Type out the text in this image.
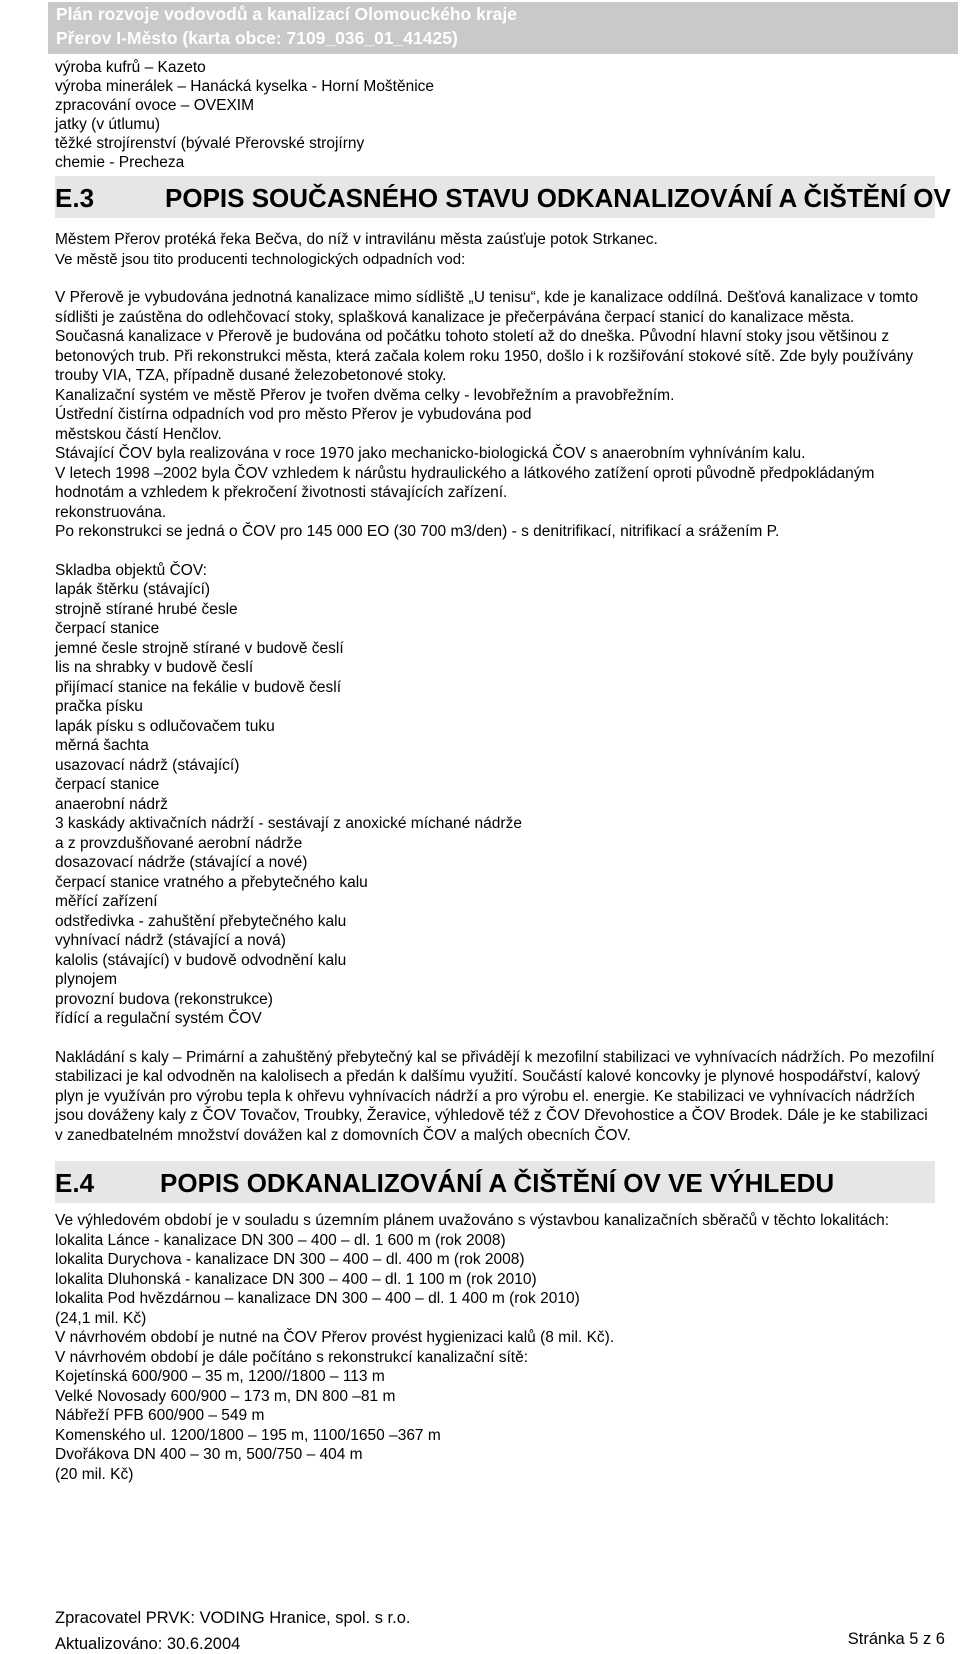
Plán rozvoje vodovodů a kanalizací Olomouckého kraje
Přerov I-Město (karta obce: 7109_036_01_41425)
výroba kufrů – Kazeto
výroba minerálek – Hanácká kyselka - Horní Moštěnice
zpracování ovoce – OVEXIM
jatky (v útlumu)
těžké strojírenství (bývalé Přerovské strojírny
chemie - Precheza
E.3	POPIS SOUČASNÉHO STAVU ODKANALIZOVÁNÍ A ČIŠTĚNÍ OV
Městem Přerov protéká řeka Bečva, do níž v intravilánu města zaúsťuje potok Strkanec.
Ve městě jsou tito producenti technologických odpadních vod:
V Přerově je vybudována jednotná kanalizace mimo sídliště „U tenisu“, kde je kanalizace oddílná. Dešťová kanalizace v tomto sídlišti je zaústěna do odlehčovací stoky, splašková kanalizace je přečerpávána čerpací stanicí do kanalizace města.
Současná kanalizace v Přerově je budována od počátku tohoto století až do dneška. Původní hlavní stoky jsou většinou z betonových trub. Při rekonstrukci města, která začala kolem roku 1950, došlo i k rozšiřování stokové sítě. Zde byly používány trouby VIA, TZA, případně dusané železobetonové stoky.
Kanalizační systém ve městě Přerov je tvořen dvěma celky - levobřežním a pravobřežním.
Ústřední čistírna odpadních vod pro město Přerov je vybudována pod
městskou částí Henčlov.
Stávající ČOV byla realizována v roce 1970 jako mechanicko-biologická ČOV s anaerobním vyhníváním kalu.
V letech 1998 –2002 byla ČOV vzhledem k nárůstu hydraulického a látkového zatížení oproti původně předpokládaným hodnotám a vzhledem k překročení životnosti stávajících zařízení.
rekonstruována.
Po rekonstrukci se jedná o ČOV pro 145 000 EO (30 700 m3/den) - s denitrifikací, nitrifikací a srážením P.
Skladba objektů ČOV:
lapák štěrku (stávající)
strojně stírané hrubé česle
čerpací stanice
jemné česle strojně stírané v budově česlí
lis na shrabky v budově česlí
přijímací stanice na fekálie v budově česlí
pračka písku
lapák písku s odlučovačem tuku
měrná šachta
usazovací nádrž (stávající)
čerpací stanice
anaerobní nádrž
3 kaskády aktivačních nádrží - sestávají z anoxické míchané nádrže
a z provzdušňované aerobní nádrže
dosazovací nádrže (stávající a nové)
čerpací stanice vratného a přebytečného kalu
měřící zařízení
odstředivka - zahuštění přebytečného kalu
vyhnívací nádrž (stávající a nová)
kalolis (stávající) v budově odvodnění kalu
plynojem
provozní budova (rekonstrukce)
řídící a regulační systém ČOV
Nakládání s kaly – Primární a zahuštěný přebytečný kal se přivádějí k mezofilní stabilizaci ve vyhnívacích nádržích. Po mezofilní stabilizaci je kal odvodněn na kalolisech a předán k dalšímu využití. Součástí kalové koncovky je plynové hospodářství, kalový plyn je využíván pro výrobu tepla k ohřevu vyhnívacích nádrží a pro výrobu el. energie. Ke stabilizaci ve vyhnívacích nádržích jsou dováženy kaly z ČOV Tovačov, Troubky, Žeravice, výhledově též z ČOV Dřevohostice a ČOV Brodek. Dále je ke stabilizaci v zanedbatelném množství dovážen kal z domovních ČOV a malých obecních ČOV.
E.4	POPIS ODKANALIZOVÁNÍ A ČIŠTĚNÍ OV VE VÝHLEDU
Ve výhledovém období je v souladu s územním plánem uvažováno s výstavbou kanalizačních sběračů v těchto lokalitách:
lokalita Lánce - kanalizace DN 300 – 400 – dl. 1 600 m (rok 2008)
lokalita Durychova - kanalizace DN 300 – 400 – dl. 400 m (rok 2008)
lokalita Dluhonská - kanalizace DN 300 – 400 – dl. 1 100 m (rok 2010)
lokalita Pod hvězdárnou – kanalizace DN 300 – 400 – dl. 1 400 m (rok 2010)
(24,1 mil. Kč)
V návrhovém období je nutné na ČOV Přerov provést hygienizaci kalů (8 mil. Kč).
V návrhovém období je dále počítáno s rekonstrukcí kanalizační sítě:
Kojetínská 600/900 – 35 m, 1200//1800 – 113 m
Velké Novosady 600/900 – 173 m, DN 800 –81 m
Nábřeží PFB 600/900 – 549 m
Komenského ul. 1200/1800 – 195 m, 1100/1650 –367 m
Dvořákova DN 400 – 30 m, 500/750 – 404 m
(20 mil. Kč)
Zpracovatel PRVK: VODING Hranice, spol. s r.o.
Aktualizováno: 30.6.2004	Stránka 5 z 6
